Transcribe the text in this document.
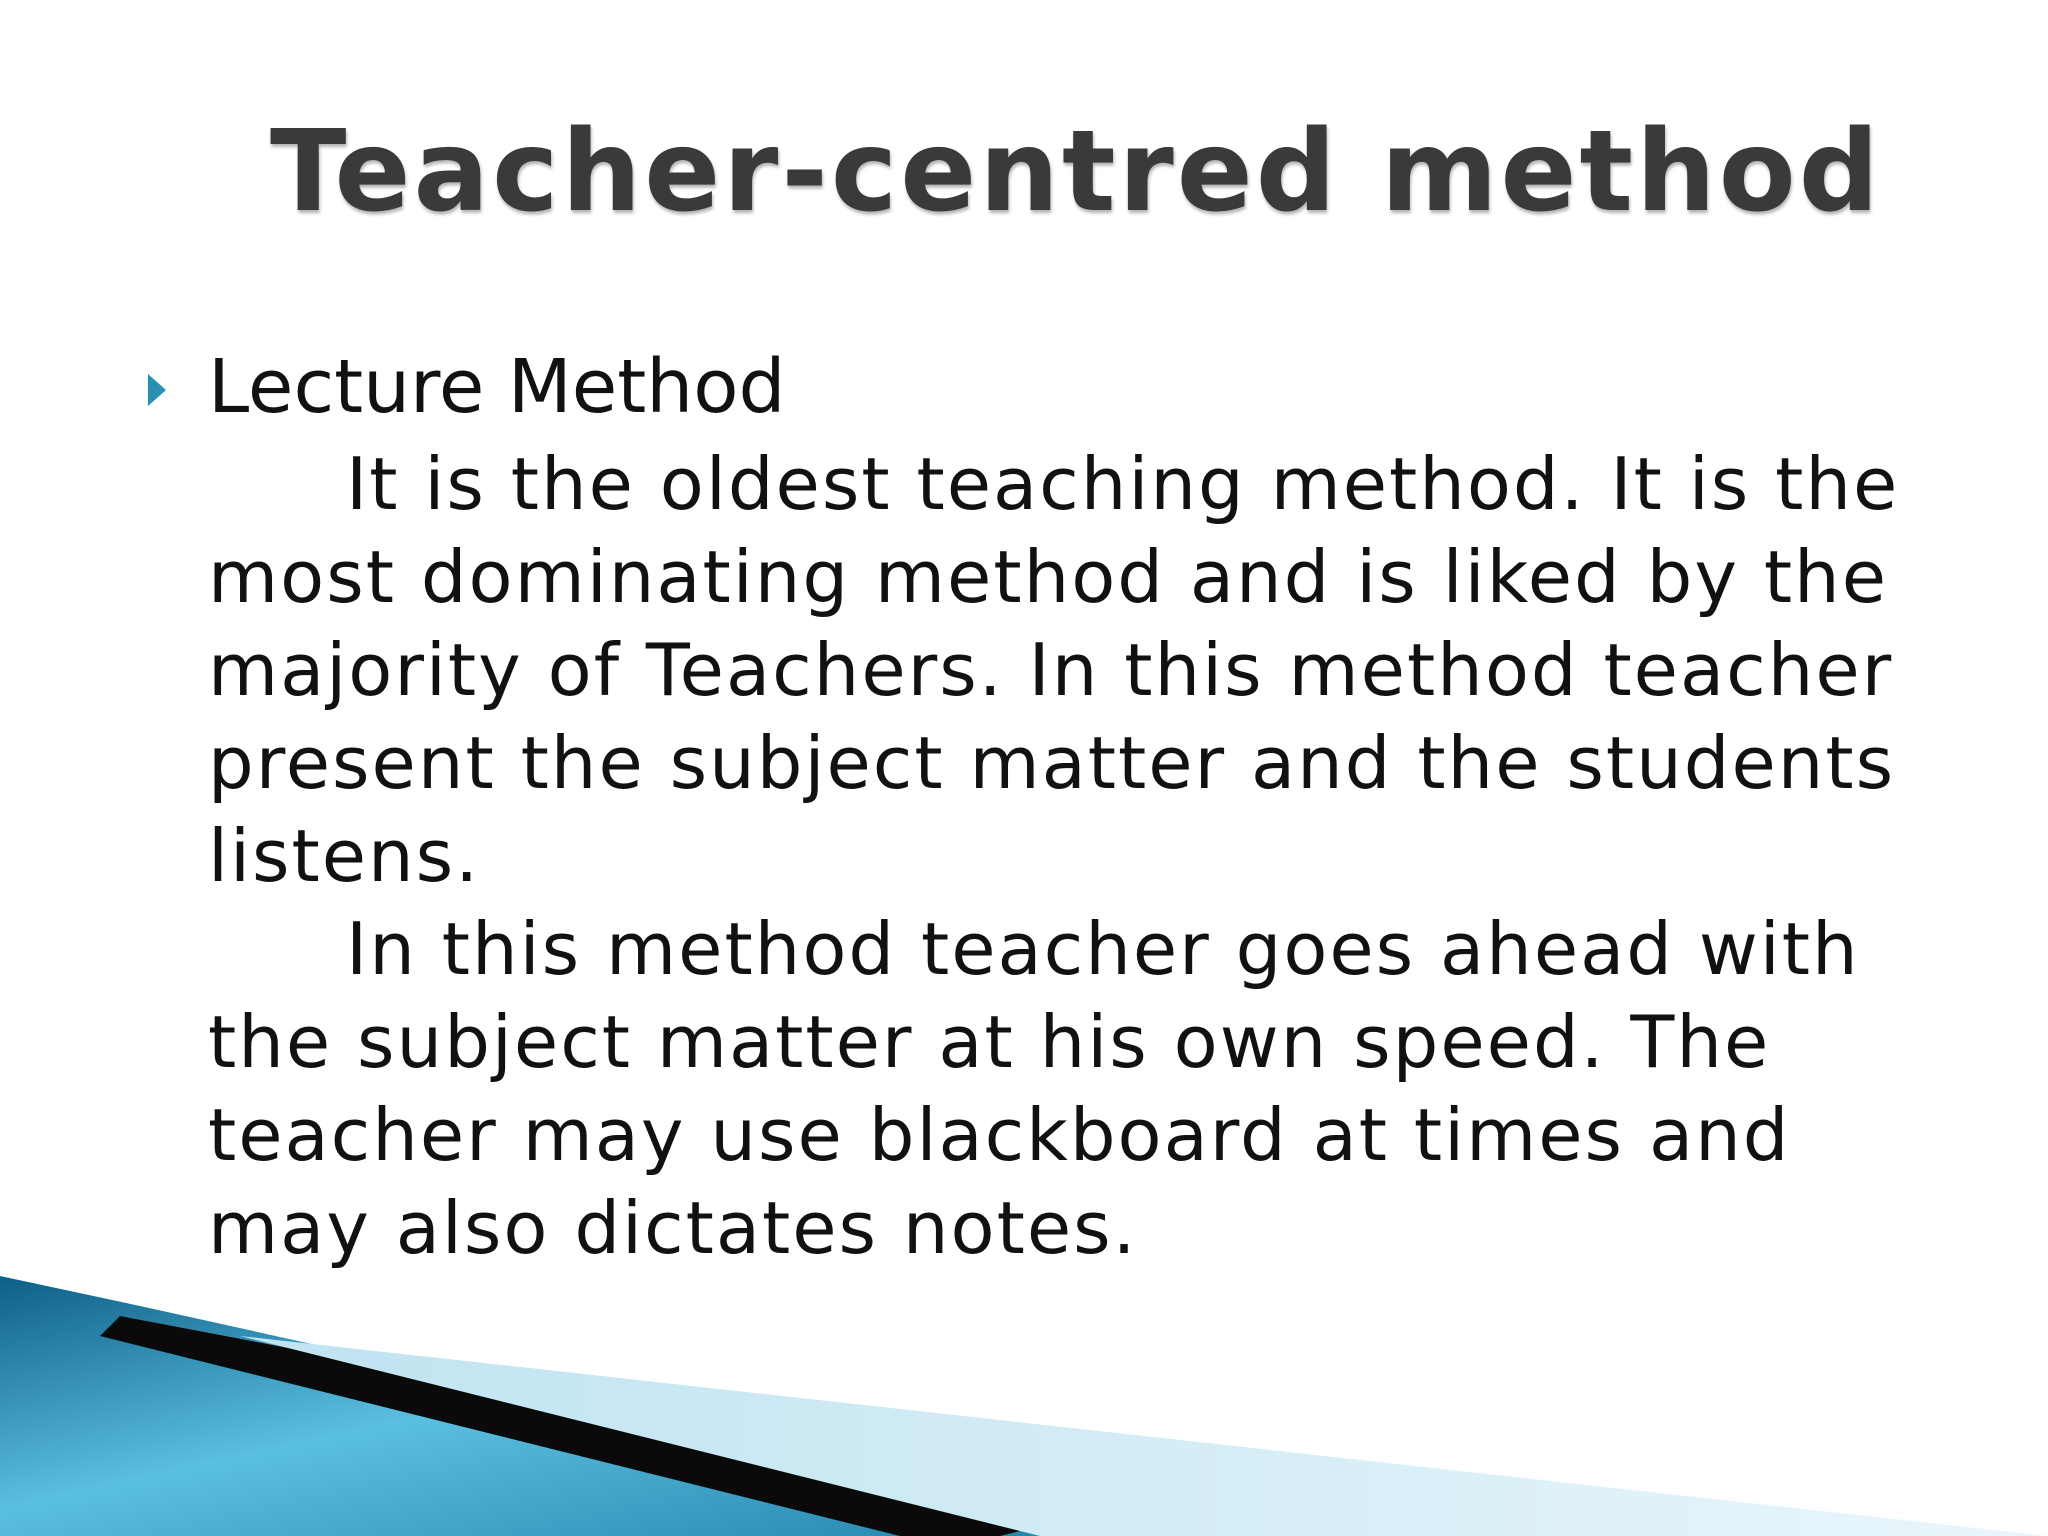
Teacher-centred method
Lecture Method

It is the oldest teaching method. It is the most dominating method and is liked by the majority of Teachers. In this method teacher present the subject matter and the students listens.

In this method teacher goes ahead with the subject matter at his own speed. The teacher may use blackboard at times and may also dictates notes.
